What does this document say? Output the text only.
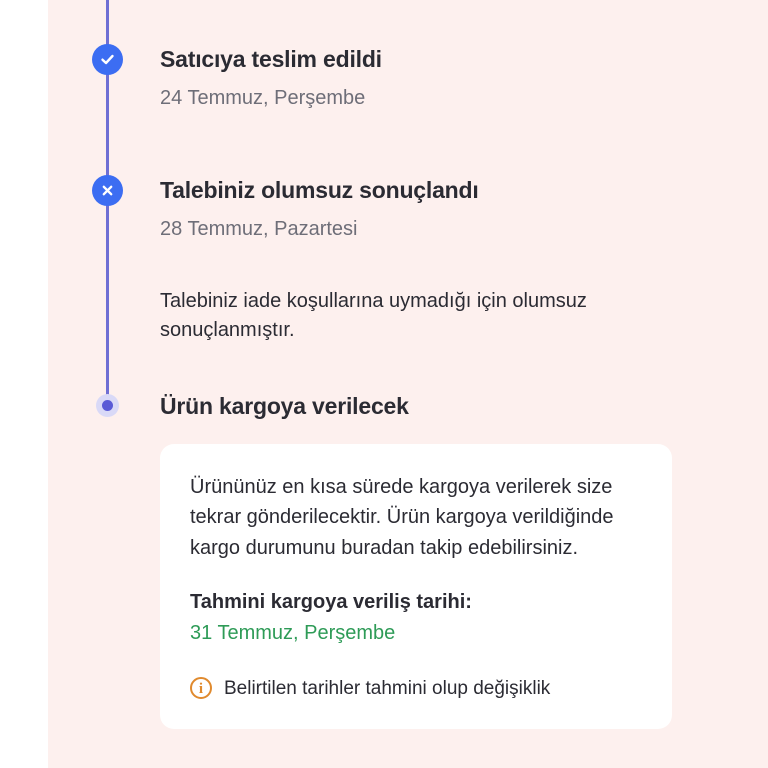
Satıcıya teslim edildi
24 Temmuz, Perşembe
Talebiniz olumsuz sonuçlandı
28 Temmuz, Pazartesi
Talebiniz iade koşullarına uymadığı için olumsuz sonuçlanmıştır.
Ürün kargoya verilecek

Ürününüz en kısa sürede kargoya verilerek size tekrar gönderilecektir. Ürün kargoya verildiğinde kargo durumunu buradan takip edebilirsiniz.

Tahmini kargoya veriliş tarihi:

31 Temmuz, Perşembe

i	Belirtilen tarihler tahmini olup değişiklik
